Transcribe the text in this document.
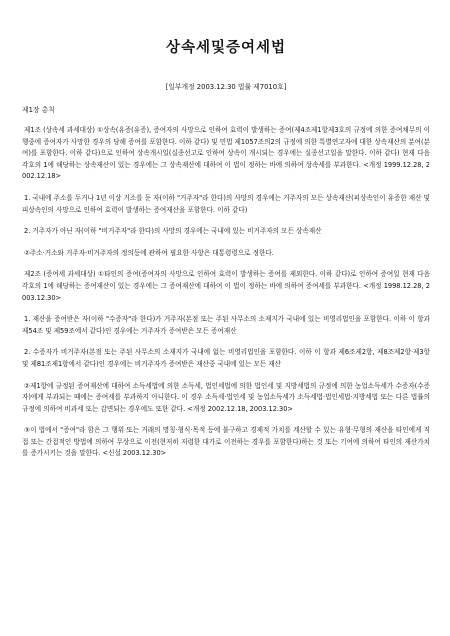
상속세및증여세법
[일부개정 2003.12.30 법률 제7010호]
제1장 총칙

제1조 (상속세 과세대상) ①상속(유증(유증), 증여자의 사망으로 인하여 효력이 발생하는 증여(제4조제1항제3호의 규정에 의한 증여채무의 이행중에 증여자가 사망한 경우의 당해 증여를 포함한다. 이하 같다) 및 민법 제1057조의2의 규정에 의한 특별연고자에 대한 상속재산의 분여(분여)를 포함한다. 이하 같다)으로 인하여 상속개시일(실종선고로 인하여 상속이 개시되는 경우에는 실종선고일을 말한다. 이하 같다) 현재 다음 각호의 1에 해당하는 상속재산이 있는 경우에는 그 상속재산에 대하여 이 법이 정하는 바에 의하여 상속세를 부과한다. <개정 1999.12.28, 2002.12.18>

1. 국내에 주소를 두거나 1년 이상 거소를 둔 자(이하 "거주자"라 한다)의 사망의 경우에는 거주자의 모든 상속재산(피상속인이 유증한 재산 및 피상속인의 사망으로 인하여 효력이 발생하는 증여재산을 포함한다. 이하 같다)

2. 거주자가 아닌 자(이하 "비거주자"라 한다)의 사망의 경우에는 국내에 있는 비거주자의 모든 상속재산

②주소·거소와 거주자·비거주자의 정의등에 관하여 필요한 사항은 대통령령으로 정한다.

제2조 (증여세 과세대상) ①타인의 증여(증여자의 사망으로 인하여 효력이 발생하는 증여를 제외한다. 이하 같다)로 인하여 증여일 현재 다음 각호의 1에 해당하는 증여재산이 있는 경우에는 그 증여재산에 대하여 이 법이 정하는 바에 의하여 증여세를 부과한다. <개정 1998.12.28, 2003.12.30>

1. 재산을 증여받은 자(이하 "수증자"라 한다)가 거주자(본점 또는 주된 사무소의 소재지가 국내에 있는 비영리법인을 포함한다. 이하 이 항과 제54조 및 제59조에서 같다)인 경우에는 거주자가 증여받은 모든 증여재산

2. 수증자가 비거주자(본점 또는 주된 사무소의 소재지가 국내에 없는 비영리법인을 포함한다. 이하 이 항과 제6조제2항, 제8조제2항·제3항 및 제81조제1항에서 같다)인 경우에는 비거주자가 증여받은 재산중 국내에 있는 모든 재산

②제1항에 규정된 증여재산에 대하여 소득세법에 의한 소득세, 법인세법에 의한 법인세 및 지방세법의 규정에 의한 농업소득세가 수증자(수증자)에게 부과되는 때에는 증여세를 부과하지 아니한다. 이 경우 소득세·법인세 및 농업소득세가 소득세법·법인세법·지방세법 또는 다른 법률의 규정에 의하여 비과세 또는 감면되는 경우에도 또한 같다. <개정 2002.12.18, 2003.12.30>

③이 법에서 "증여"라 함은 그 행위 또는 거래의 명칭·형식·목적 등에 불구하고 경제적 가치를 계산할 수 있는 유형·무형의 재산을 타인에게 직접 또는 간접적인 방법에 의하여 무상으로 이전(현저히 저렴한 대가로 이전하는 경우를 포함한다)하는 것 또는 기여에 의하여 타인의 재산가치를 증가시키는 것을 말한다. <신설 2003.12.30>
